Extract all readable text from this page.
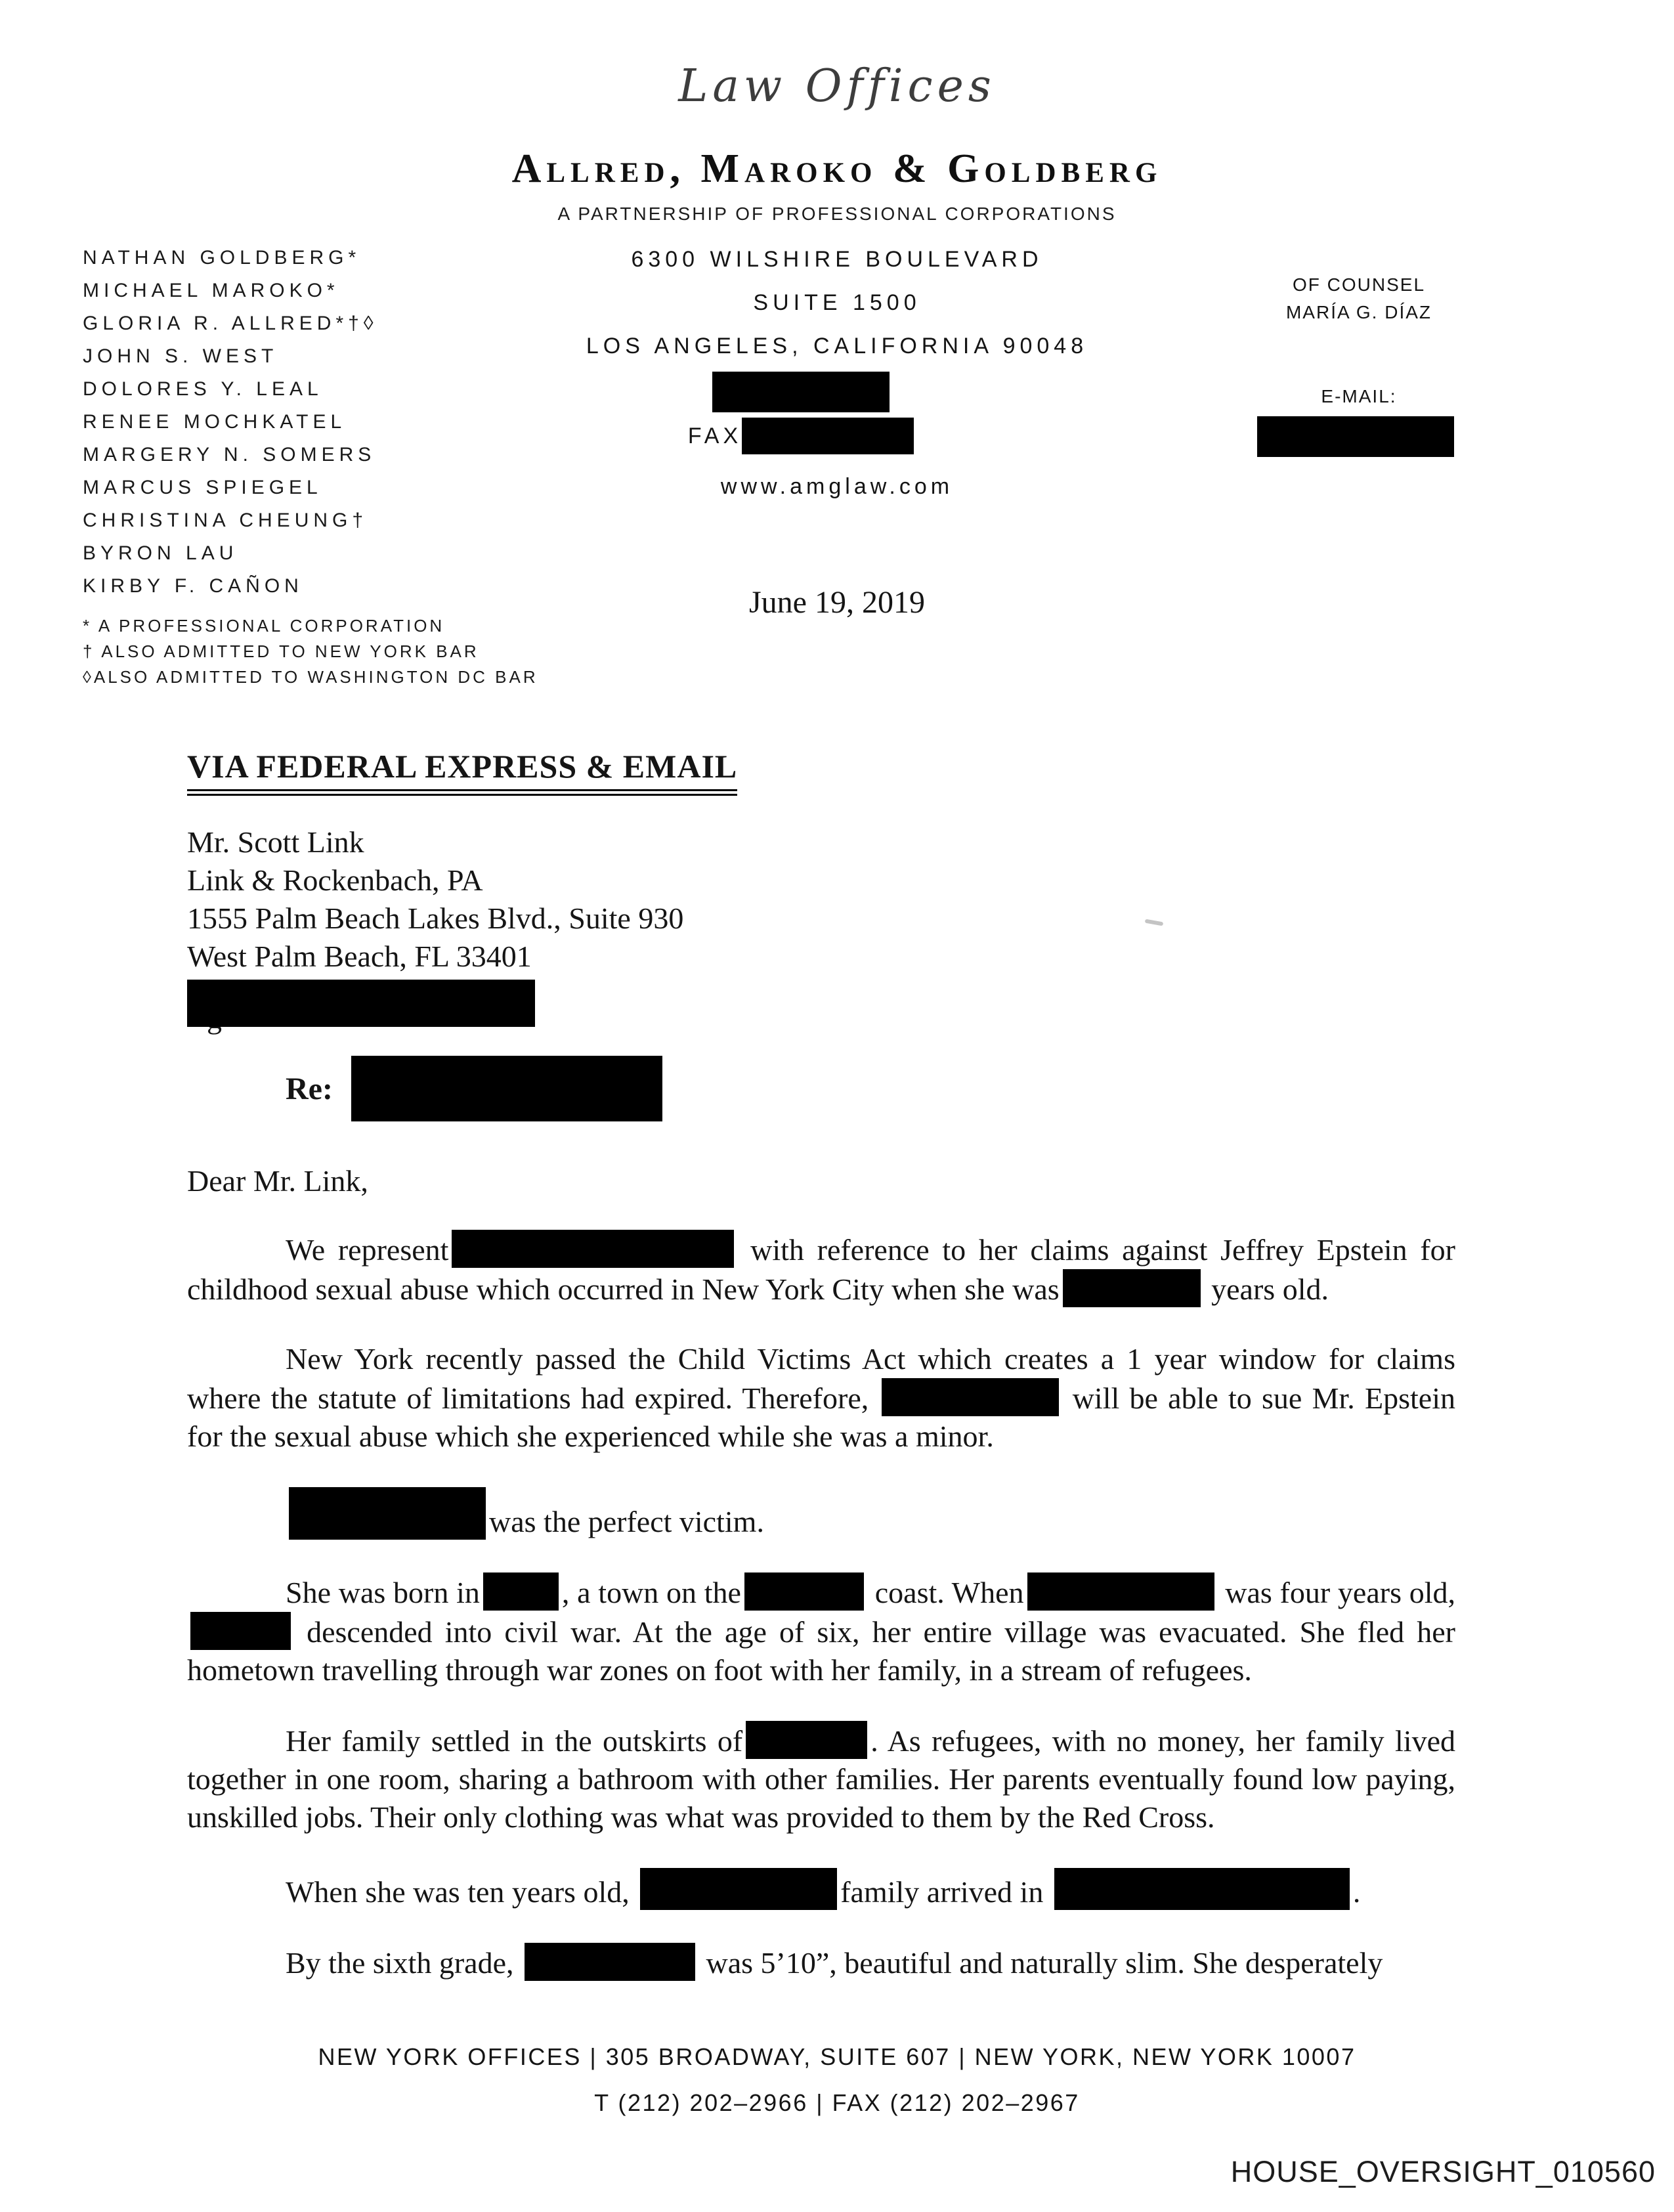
Law Offices
Allred, Maroko & Goldberg
A PARTNERSHIP OF PROFESSIONAL CORPORATIONS
NATHAN GOLDBERG*
MICHAEL MAROKO*
GLORIA R. ALLRED*†◊
JOHN S. WEST
DOLORES Y. LEAL
RENEE MOCHKATEL
MARGERY N. SOMERS
MARCUS SPIEGEL
CHRISTINA CHEUNG†
BYRON LAU
KIRBY F. CAÑON
* A PROFESSIONAL CORPORATION
† ALSO ADMITTED TO NEW YORK BAR
◊ALSO ADMITTED TO WASHINGTON DC BAR
6300 WILSHIRE BOULEVARD
SUITE 1500
LOS ANGELES, CALIFORNIA 90048
FAX
www.amglaw.com
OF COUNSEL
MARÍA G. DÍAZ
E-MAIL:
June 19, 2019
VIA FEDERAL EXPRESS & EMAIL
Mr. Scott Link
Link & Rockenbach, PA
1555 Palm Beach Lakes Blvd., Suite 930
West Palm Beach, FL 33401
Re:
Dear Mr. Link,

We represent	with reference to her claims against Jeffrey Epstein for childhood sexual abuse which occurred in New York City when she was	years old.

New York recently passed the Child Victims Act which creates a 1 year window for claims where the statute of limitations had expired. Therefore,	will be able to sue Mr. Epstein for the sexual abuse which she experienced while she was a minor.

was the perfect victim.

She was born in	, a town on the	coast. When	was four years old, descended into civil war. At the age of six, her entire village was evacuated. She fled her hometown travelling through war zones on foot with her family, in a stream of refugees.

Her family settled in the outskirts of	. As refugees, with no money, her family lived together in one room, sharing a bathroom with other families. Her parents eventually found low paying, unskilled jobs. Their only clothing was what was provided to them by the Red Cross.

When she was ten years old,	family arrived in	.

By the sixth grade,	was 5’10”, beautiful and naturally slim. She desperately

NEW YORK OFFICES | 305 BROADWAY, SUITE 607 | NEW YORK, NEW YORK 10007
T (212) 202–2966 | FAX (212) 202–2967
HOUSE_OVERSIGHT_010560
